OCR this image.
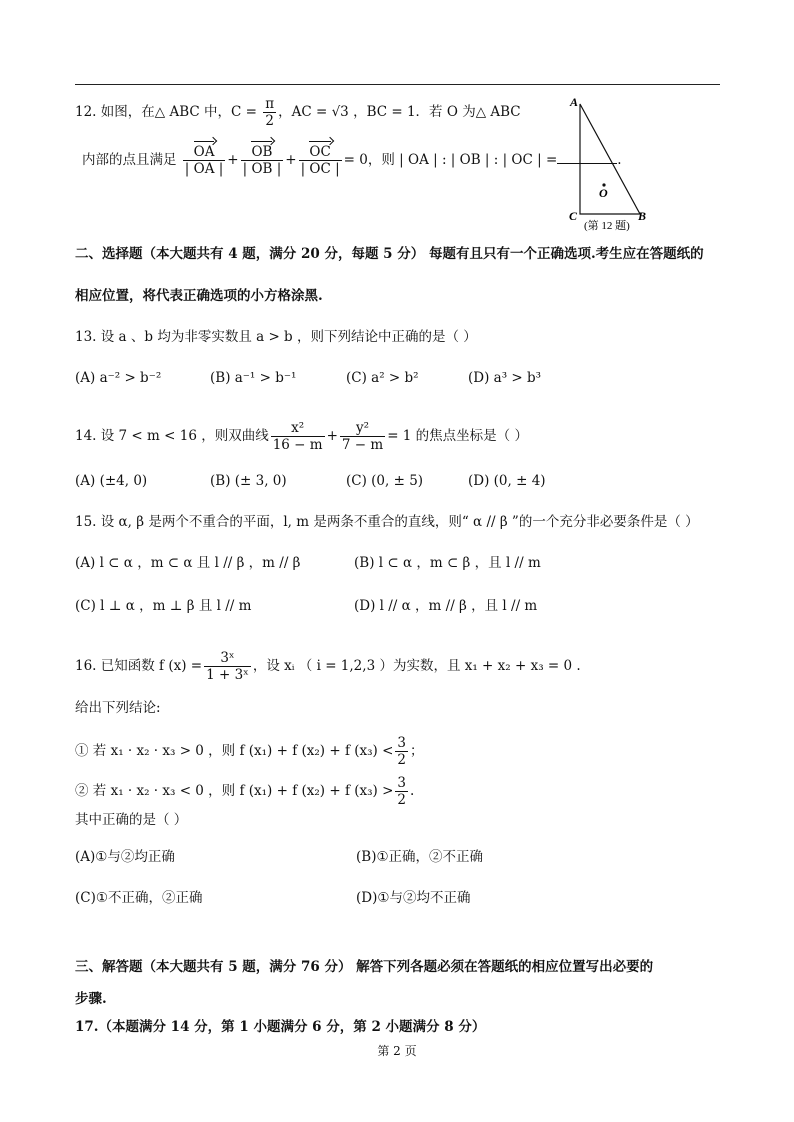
12. 如图，在△ ABC 中，$C = \frac{\pi}{2}$ ，AC = √3 ，BC = 1．若 O 为△ ABC
内部的点且满足 $\frac{OA}{| OA |} + \frac{OB}{| OB |} + \frac{OC}{| OC |} = 0$，则 | OA | : | OB | : | OC | =	.
A
C	B
O
(第 12 题)
二、选择题（本大题共有 4 题，满分 20 分，每题 5 分） 每题有且只有一个正确选项.考生应在答题纸的
相应位置，将代表正确选项的小方格涂黑.
13. 设 a 、b 均为非零实数且 a > b ，则下列结论中正确的是（ ）
(A) a⁻² > b⁻²	(B) a⁻¹ > b⁻¹	(C) a² > b²	(D) a³ > b³
14. 设 7 < m < 16 ，则双曲线 $\frac{\text{x²}}{16 - m} + \frac{\text{y²}}{7 - m} = 1$ 的焦点坐标是（ ）
(A) (±4, 0)	(B) (± 3, 0)	(C) (0, ± 5)	(D) (0, ± 4)
15. 设 α, β 是两个不重合的平面，l, m 是两条不重合的直线，则“ α // β ”的一个充分非必要条件是（ ）
(A) l ⊂ α ，m ⊂ α 且 l // β ，m // β	(B) l ⊂ α ，m ⊂ β ，且 l // m
(C) l ⊥ α ，m ⊥ β 且 l // m	(D) l // α ，m // β ，且 l // m
16. 已知函数 f $(x) = \frac{\text{3ˣ}}{\text{1 + 3ˣ}}$ ，设 xᵢ （ i = 1,2,3 ）为实数，且 x₁ + x₂ + x₃ = 0 .
给出下列结论:
① 若 x₁ · x₂ · x₃ > 0 ，则 f (x₁) + f (x₂) + f $(x_3) < \frac{3}{2}$ ；
② 若 x₁ · x₂ · x₃ < 0 ，则 f (x₁) + f (x₂) + f $(x_3) > \frac{3}{2}$ .
其中正确的是（ ）
(A)①与②均正确	(B)①正确，②不正确
(C)①不正确，②正确	(D)①与②均不正确
三、解答题（本大题共有 5 题，满分 76 分） 解答下列各题必须在答题纸的相应位置写出必要的
步骤.
17.（本题满分 14 分，第 1 小题满分 6 分，第 2 小题满分 8 分）
第 2 页
